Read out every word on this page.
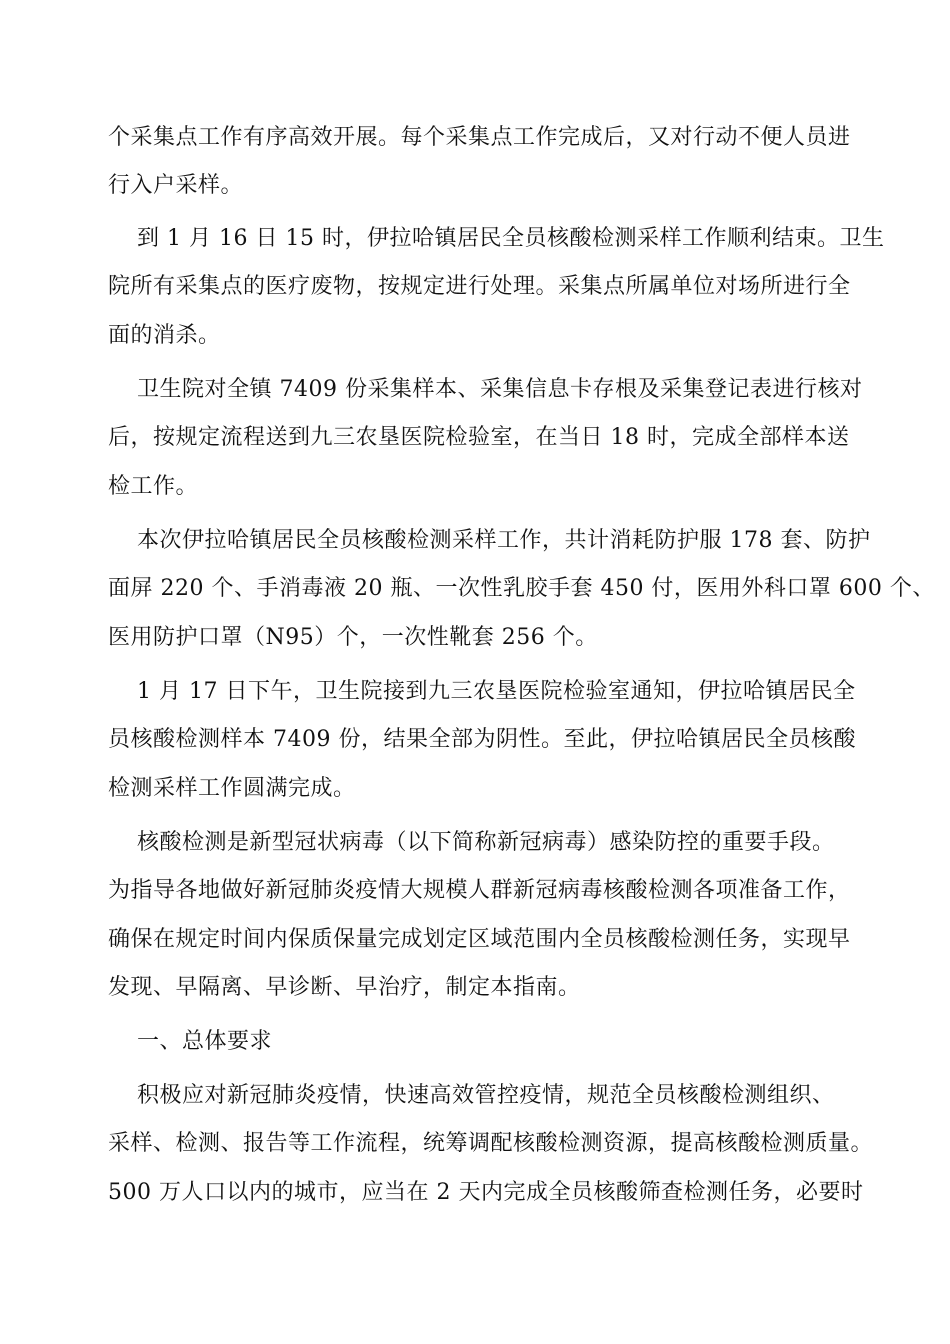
个采集点工作有序高效开展。每个采集点工作完成后，又对行动不便人员进
行入户采样。
到 1 月 16 日 15 时，伊拉哈镇居民全员核酸检测采样工作顺利结束。卫生
院所有采集点的医疗废物，按规定进行处理。采集点所属单位对场所进行全
面的消杀。
卫生院对全镇 7409 份采集样本、采集信息卡存根及采集登记表进行核对
后，按规定流程送到九三农垦医院检验室，在当日 18 时，完成全部样本送
检工作。
本次伊拉哈镇居民全员核酸检测采样工作，共计消耗防护服 178 套、防护
面屏 220 个、手消毒液 20 瓶、一次性乳胶手套 450 付，医用外科口罩 600 个、
医用防护口罩（N95）个，一次性靴套 256 个。
1 月 17 日下午，卫生院接到九三农垦医院检验室通知，伊拉哈镇居民全
员核酸检测样本 7409 份，结果全部为阴性。至此，伊拉哈镇居民全员核酸
检测采样工作圆满完成。
核酸检测是新型冠状病毒（以下简称新冠病毒）感染防控的重要手段。
为指导各地做好新冠肺炎疫情大规模人群新冠病毒核酸检测各项准备工作，
确保在规定时间内保质保量完成划定区域范围内全员核酸检测任务，实现早
发现、早隔离、早诊断、早治疗，制定本指南。
一、总体要求
积极应对新冠肺炎疫情，快速高效管控疫情，规范全员核酸检测组织、
采样、检测、报告等工作流程，统筹调配核酸检测资源，提高核酸检测质量。
500 万人口以内的城市，应当在 2 天内完成全员核酸筛查检测任务，必要时
